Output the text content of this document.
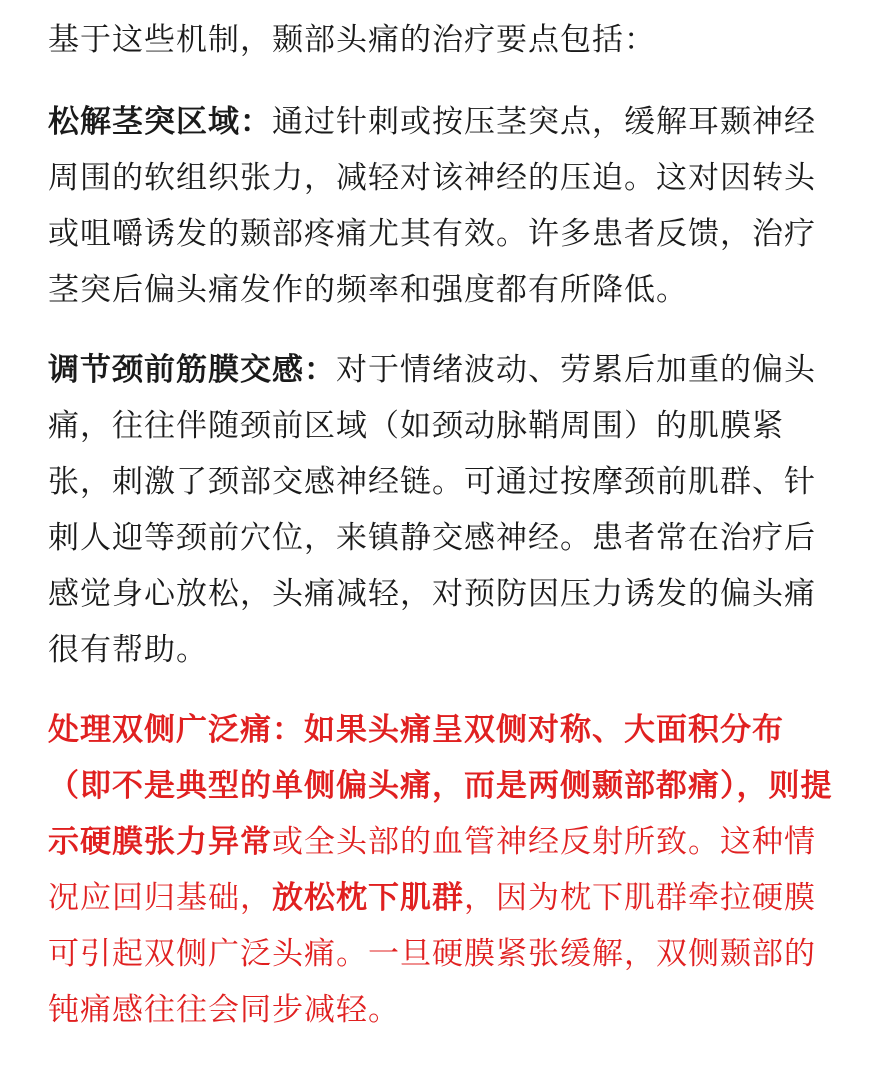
基于这些机制，颞部头痛的治疗要点包括：

松解茎突区域：通过针刺或按压茎突点，缓解耳颞神经周围的软组织张力，减轻对该神经的压迫。这对因转头或咀嚼诱发的颞部疼痛尤其有效。许多患者反馈，治疗茎突后偏头痛发作的频率和强度都有所降低。

调节颈前筋膜交感：对于情绪波动、劳累后加重的偏头痛，往往伴随颈前区域（如颈动脉鞘周围）的肌膜紧张，刺激了颈部交感神经链。可通过按摩颈前肌群、针刺人迎等颈前穴位，来镇静交感神经。患者常在治疗后感觉身心放松，头痛减轻，对预防因压力诱发的偏头痛很有帮助。

处理双侧广泛痛：如果头痛呈双侧对称、大面积分布（即不是典型的单侧偏头痛，而是两侧颞部都痛），则提示硬膜张力异常或全头部的血管神经反射所致。这种情况应回归基础，放松枕下肌群，因为枕下肌群牵拉硬膜可引起双侧广泛头痛。一旦硬膜紧张缓解，双侧颞部的钝痛感往往会同步减轻。
